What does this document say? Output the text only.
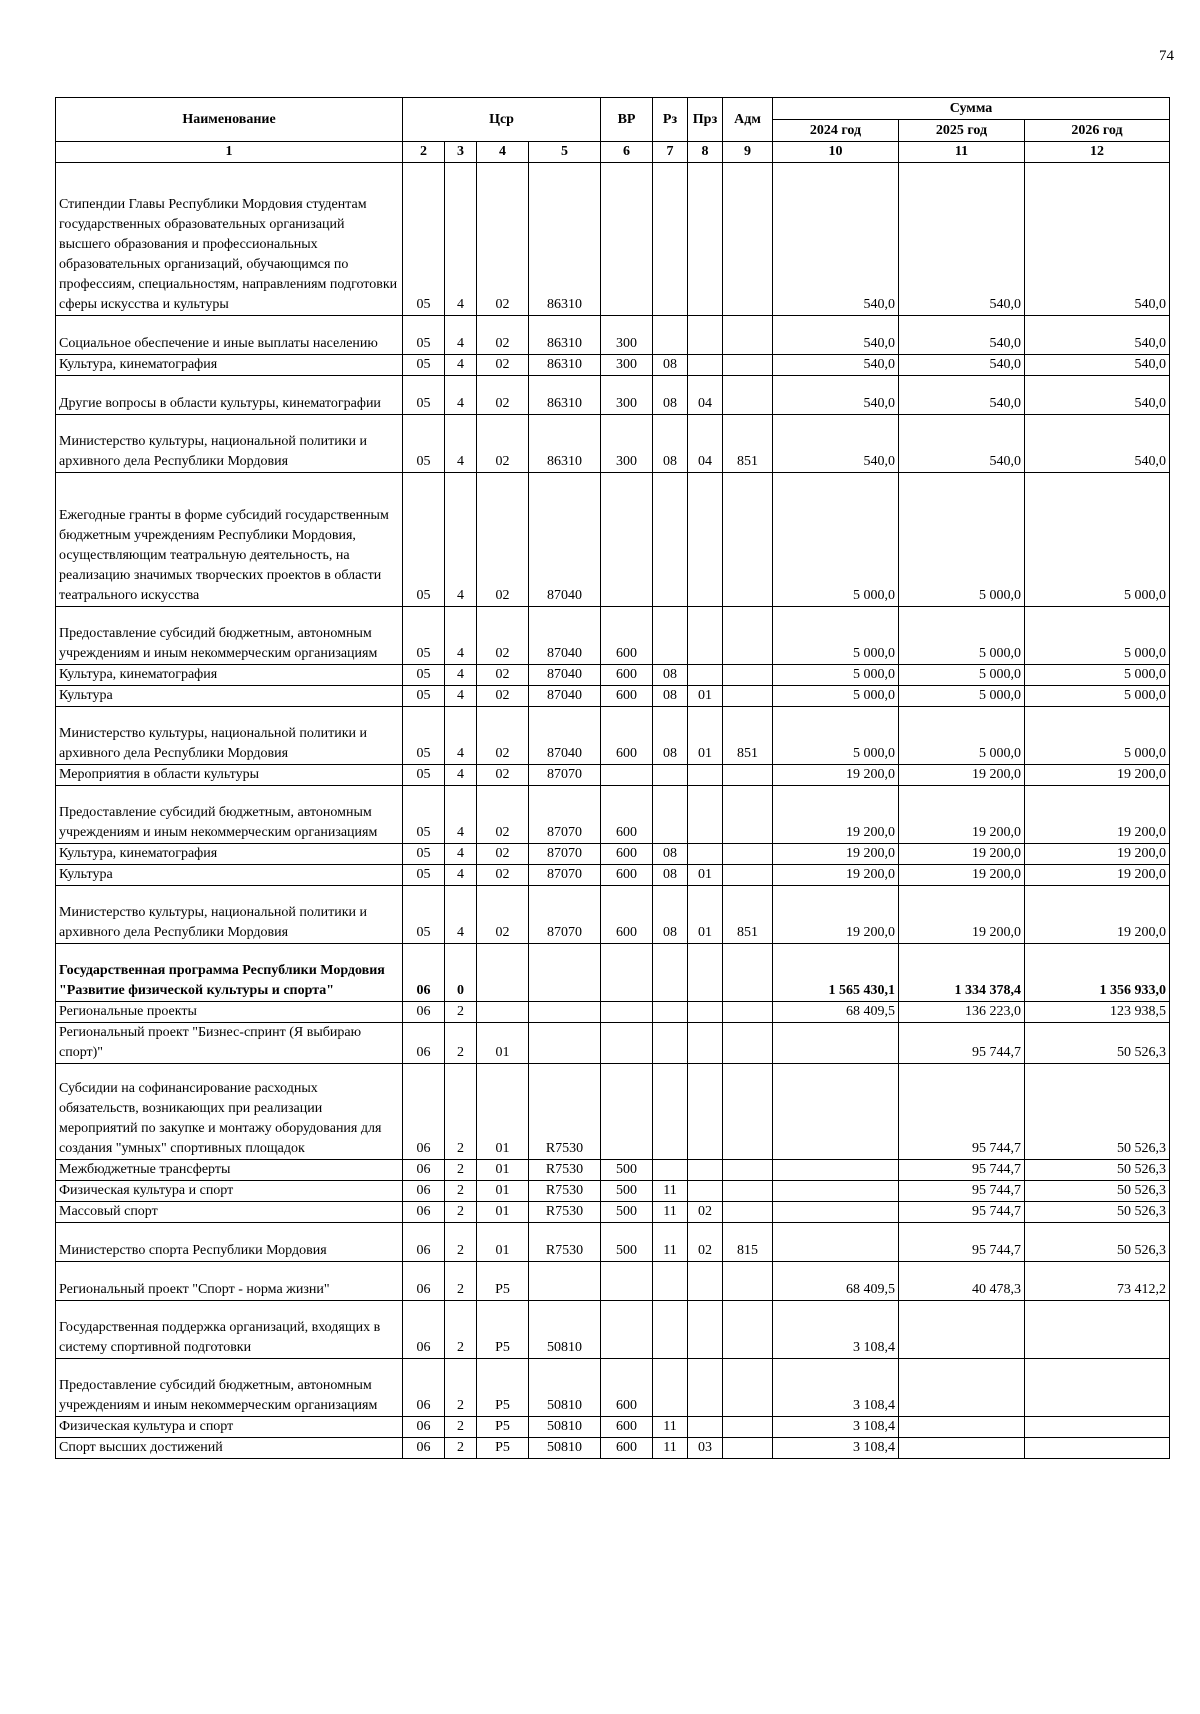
74
Наименование	Цср				ВР	Рз	Прз	Адм	Сумма		
									2024 год	2025 год	2026 год
1	2	3	4	5	6	7	8	9	10	11	12
Стипендии Главы Республики Мордовия студентам государственных образовательных организаций высшего образования и профессиональных образовательных организаций, обучающимся по профессиям, специальностям, направлениям подготовки сферы искусства и культуры	05	4	02	86310					540,0	540,0	540,0
Социальное обеспечение и иные выплаты населению	05	4	02	86310	300				540,0	540,0	540,0
Культура, кинематография	05	4	02	86310	300	08			540,0	540,0	540,0
Другие вопросы в области культуры, кинематографии	05	4	02	86310	300	08	04		540,0	540,0	540,0
Министерство культуры, национальной политики и архивного дела Республики Мордовия	05	4	02	86310	300	08	04	851	540,0	540,0	540,0
Ежегодные гранты в форме субсидий государственным бюджетным учреждениям Республики Мордовия, осуществляющим театральную деятельность, на реализацию значимых творческих проектов в области театрального искусства	05	4	02	87040					5 000,0	5 000,0	5 000,0
Предоставление субсидий бюджетным, автономным учреждениям и иным некоммерческим организациям	05	4	02	87040	600				5 000,0	5 000,0	5 000,0
Культура, кинематография	05	4	02	87040	600	08			5 000,0	5 000,0	5 000,0
Культура	05	4	02	87040	600	08	01		5 000,0	5 000,0	5 000,0
Министерство культуры, национальной политики и архивного дела Республики Мордовия	05	4	02	87040	600	08	01	851	5 000,0	5 000,0	5 000,0
Мероприятия в области культуры	05	4	02	87070					19 200,0	19 200,0	19 200,0
Предоставление субсидий бюджетным, автономным учреждениям и иным некоммерческим организациям	05	4	02	87070	600				19 200,0	19 200,0	19 200,0
Культура, кинематография	05	4	02	87070	600	08			19 200,0	19 200,0	19 200,0
Культура	05	4	02	87070	600	08	01		19 200,0	19 200,0	19 200,0
Министерство культуры, национальной политики и архивного дела Республики Мордовия	05	4	02	87070	600	08	01	851	19 200,0	19 200,0	19 200,0
Государственная программа Республики Мордовия "Развитие физической культуры и спорта"	06	0							1 565 430,1	1 334 378,4	1 356 933,0
Региональные проекты	06	2							68 409,5	136 223,0	123 938,5
Региональный проект "Бизнес-спринт (Я выбираю спорт)"	06	2	01							95 744,7	50 526,3
Субсидии на софинансирование расходных обязательств, возникающих при реализации мероприятий по закупке и монтажу оборудования для создания "умных" спортивных площадок	06	2	01	R7530						95 744,7	50 526,3
Межбюджетные трансферты	06	2	01	R7530	500					95 744,7	50 526,3
Физическая культура и спорт	06	2	01	R7530	500	11				95 744,7	50 526,3
Массовый спорт	06	2	01	R7530	500	11	02			95 744,7	50 526,3
Министерство спорта Республики Мордовия	06	2	01	R7530	500	11	02	815		95 744,7	50 526,3
Региональный проект "Спорт - норма жизни"	06	2	P5						68 409,5	40 478,3	73 412,2
Государственная поддержка организаций, входящих в систему спортивной подготовки	06	2	P5	50810					3 108,4		
Предоставление субсидий бюджетным, автономным учреждениям и иным некоммерческим организациям	06	2	P5	50810	600				3 108,4		
Физическая культура и спорт	06	2	P5	50810	600	11			3 108,4		
Спорт высших достижений	06	2	P5	50810	600	11	03		3 108,4		
